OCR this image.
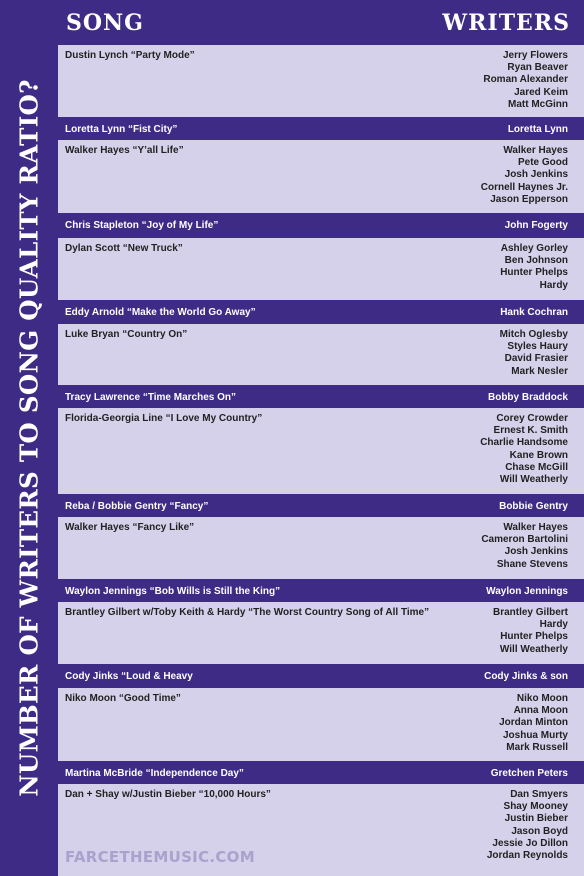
NUMBER OF WRITERS TO SONG QUALITY RATIO?
SONG	WRITERS
Dustin Lynch “Party Mode”	Jerry Flowers
Ryan Beaver
Roman Alexander
Jared Keim
Matt McGinn
Loretta Lynn “Fist City”	Loretta Lynn
Walker Hayes “Y’all Life”	Walker Hayes
Pete Good
Josh Jenkins
Cornell Haynes Jr.
Jason Epperson
Chris Stapleton “Joy of My Life”	John Fogerty
Dylan Scott “New Truck”	Ashley Gorley
Ben Johnson
Hunter Phelps
Hardy
Eddy Arnold “Make the World Go Away”	Hank Cochran
Luke Bryan “Country On”	Mitch Oglesby
Styles Haury
David Frasier
Mark Nesler
Tracy Lawrence “Time Marches On”	Bobby Braddock
Florida-Georgia Line “I Love My Country”	Corey Crowder
Ernest K. Smith
Charlie Handsome
Kane Brown
Chase McGill
Will Weatherly
Reba / Bobbie Gentry “Fancy”	Bobbie Gentry
Walker Hayes “Fancy Like”	Walker Hayes
Cameron Bartolini
Josh Jenkins
Shane Stevens
Waylon Jennings “Bob Wills is Still the King”	Waylon Jennings
Brantley Gilbert w/Toby Keith & Hardy “The Worst Country Song of All Time”	Brantley Gilbert
Hardy
Hunter Phelps
Will Weatherly
Cody Jinks “Loud & Heavy	Cody Jinks & son
Niko Moon “Good Time”	Niko Moon
Anna Moon
Jordan Minton
Joshua Murty
Mark Russell
Martina McBride “Independence Day”	Gretchen Peters
Dan + Shay w/Justin Bieber “10,000 Hours”	Dan Smyers
Shay Mooney
Justin Bieber
Jason Boyd
Jessie Jo Dillon
Jordan Reynolds
FARCETHEMUSIC.COM
